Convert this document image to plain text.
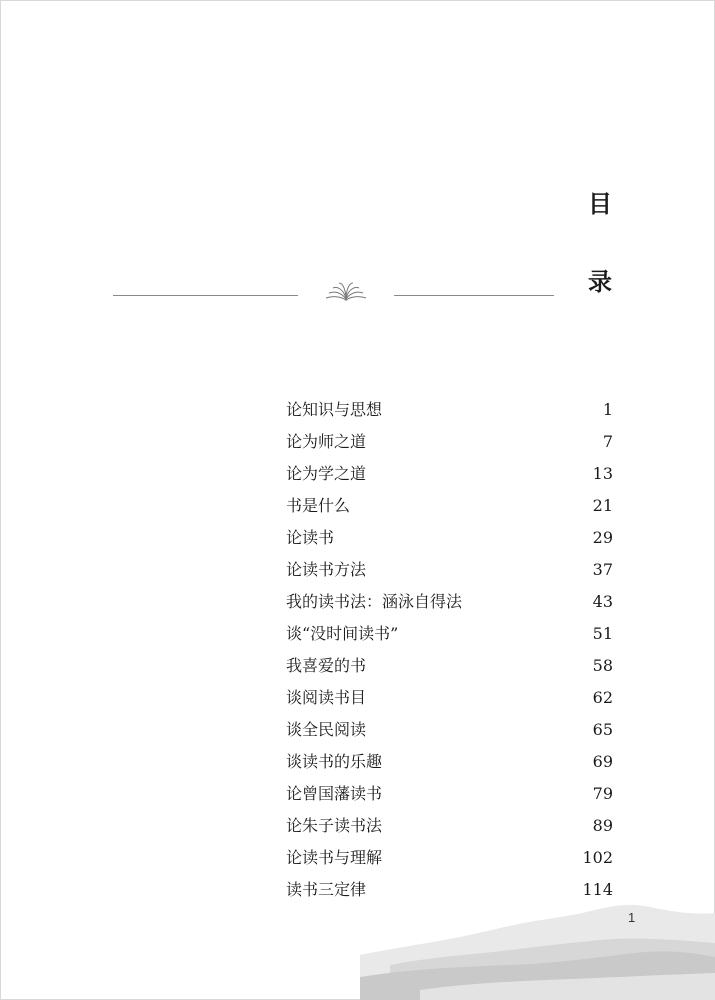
目
录
论知识与思想	1
论为师之道	7
论为学之道	13
书是什么	21
论读书	29
论读书方法	37
我的读书法：涵泳自得法	43
谈“没时间读书”	51
我喜爱的书	58
谈阅读书目	62
谈全民阅读	65
谈读书的乐趣	69
论曾国藩读书	79
论朱子读书法	89
论读书与理解	102
读书三定律	114
1
